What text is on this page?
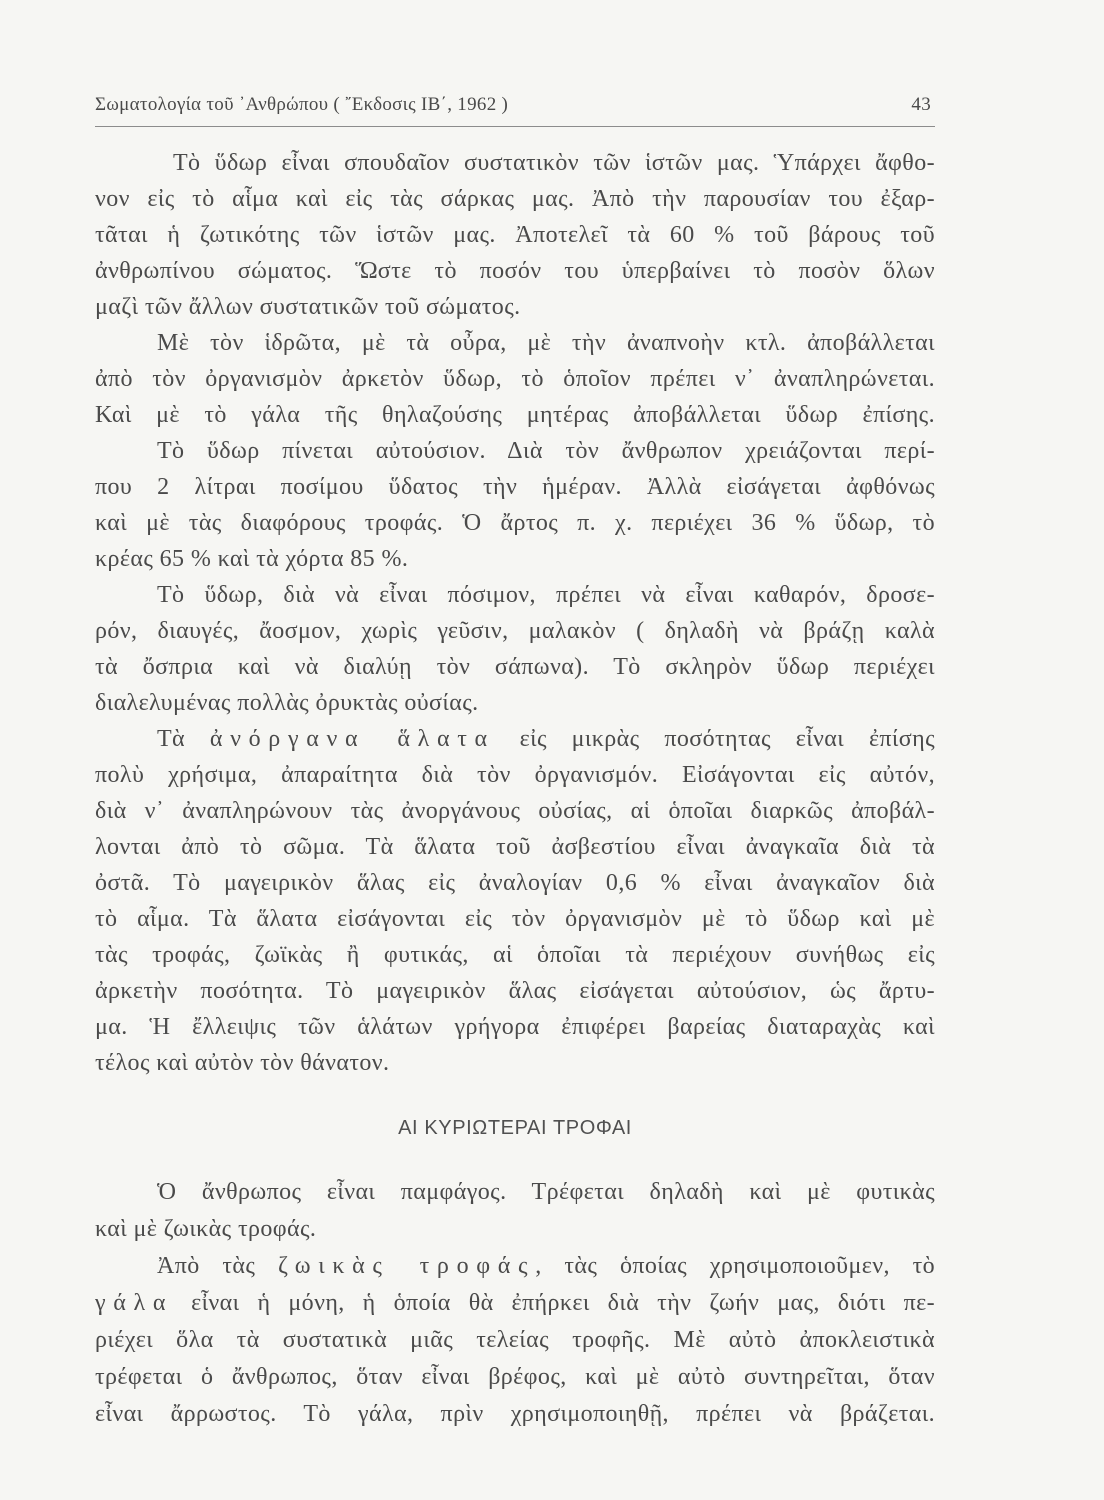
Σωματολογία τοῦ ᾿Ανθρώπου ( ῎Εκδοσις ΙΒ΄, 1962 )	43
Τὸ ὕδωρ εἶναι σπουδαῖον συστατικὸν τῶν ἱστῶν μας. Ὑπάρχει ἄφθο-
νον εἰς τὸ αἷμα καὶ εἰς τὰς σάρκας μας. Ἀπὸ τὴν παρουσίαν του ἐξαρ-
τᾶται ἡ ζωτικότης τῶν ἱστῶν μας. Ἀποτελεῖ τὰ 60 % τοῦ βάρους τοῦ
ἀνθρωπίνου σώματος. Ὥστε τὸ ποσόν του ὑπερβαίνει τὸ ποσὸν ὅλων
μαζὶ τῶν ἄλλων συστατικῶν τοῦ σώματος.
Μὲ τὸν ἱδρῶτα, μὲ τὰ οὖρα, μὲ τὴν ἀναπνοὴν κτλ. ἀποβάλλεται
ἀπὸ τὸν ὀργανισμὸν ἀρκετὸν ὕδωρ, τὸ ὁποῖον πρέπει ν᾿ ἀναπληρώνεται.
Καὶ μὲ τὸ γάλα τῆς θηλαζούσης μητέρας ἀποβάλλεται ὕδωρ ἐπίσης.
Τὸ ὕδωρ πίνεται αὐτούσιον. Διὰ τὸν ἄνθρωπον χρειάζονται περί-
που 2 λίτραι ποσίμου ὕδατος τὴν ἡμέραν. Ἀλλὰ εἰσάγεται ἀφθόνως
καὶ μὲ τὰς διαφόρους τροφάς. Ὁ ἄρτος π. χ. περιέχει 36 % ὕδωρ, τὸ
κρέας 65 % καὶ τὰ χόρτα 85 %.
Τὸ ὕδωρ, διὰ νὰ εἶναι πόσιμον, πρέπει νὰ εἶναι καθαρόν, δροσε-
ρόν, διαυγές, ἄοσμον, χωρὶς γεῦσιν, μαλακὸν ( δηλαδὴ νὰ βράζῃ καλὰ
τὰ ὄσπρια καὶ νὰ διαλύῃ τὸν σάπωνα). Τὸ σκληρὸν ὕδωρ περιέχει
διαλελυμένας πολλὰς ὀρυκτὰς οὐσίας.
Τὰ ἀνόργανα ἅλατα εἰς μικρὰς ποσότητας εἶναι ἐπίσης
πολὺ χρήσιμα, ἀπαραίτητα διὰ τὸν ὀργανισμόν. Εἰσάγονται εἰς αὐτόν,
διὰ ν᾿ ἀναπληρώνουν τὰς ἀνοργάνους οὐσίας, αἱ ὁποῖαι διαρκῶς ἀποβάλ-
λονται ἀπὸ τὸ σῶμα. Τὰ ἅλατα τοῦ ἀσβεστίου εἶναι ἀναγκαῖα διὰ τὰ
ὀστᾶ. Τὸ μαγειρικὸν ἅλας εἰς ἀναλογίαν 0,6 % εἶναι ἀναγκαῖον διὰ
τὸ αἷμα. Τὰ ἅλατα εἰσάγονται εἰς τὸν ὀργανισμὸν μὲ τὸ ὕδωρ καὶ μὲ
τὰς τροφάς, ζωϊκὰς ἢ φυτικάς, αἱ ὁποῖαι τὰ περιέχουν συνήθως εἰς
ἀρκετὴν ποσότητα. Τὸ μαγειρικὸν ἅλας εἰσάγεται αὐτούσιον, ὡς ἄρτυ-
μα. Ἡ ἔλλειψις τῶν ἁλάτων γρήγορα ἐπιφέρει βαρείας διαταραχὰς καὶ
τέλος καὶ αὐτὸν τὸν θάνατον.
ΑΙ ΚΥΡΙΩΤΕΡΑΙ ΤΡΟΦΑΙ
Ὁ ἄνθρωπος εἶναι παμφάγος. Τρέφεται δηλαδὴ καὶ μὲ φυτικὰς
καὶ μὲ ζωικὰς τροφάς.
Ἀπὸ τὰς ζωικὰς τροφάς, τὰς ὁποίας χρησιμοποιοῦμεν, τὸ
γάλα εἶναι ἡ μόνη, ἡ ὁποία θὰ ἐπήρκει διὰ τὴν ζωήν μας, διότι πε-
ριέχει ὅλα τὰ συστατικὰ μιᾶς τελείας τροφῆς. Μὲ αὐτὸ ἀποκλειστικὰ
τρέφεται ὁ ἄνθρωπος, ὅταν εἶναι βρέφος, καὶ μὲ αὐτὸ συντηρεῖται, ὅταν
εἶναι ἄρρωστος. Τὸ γάλα, πρὶν χρησιμοποιηθῇ, πρέπει νὰ βράζεται.
